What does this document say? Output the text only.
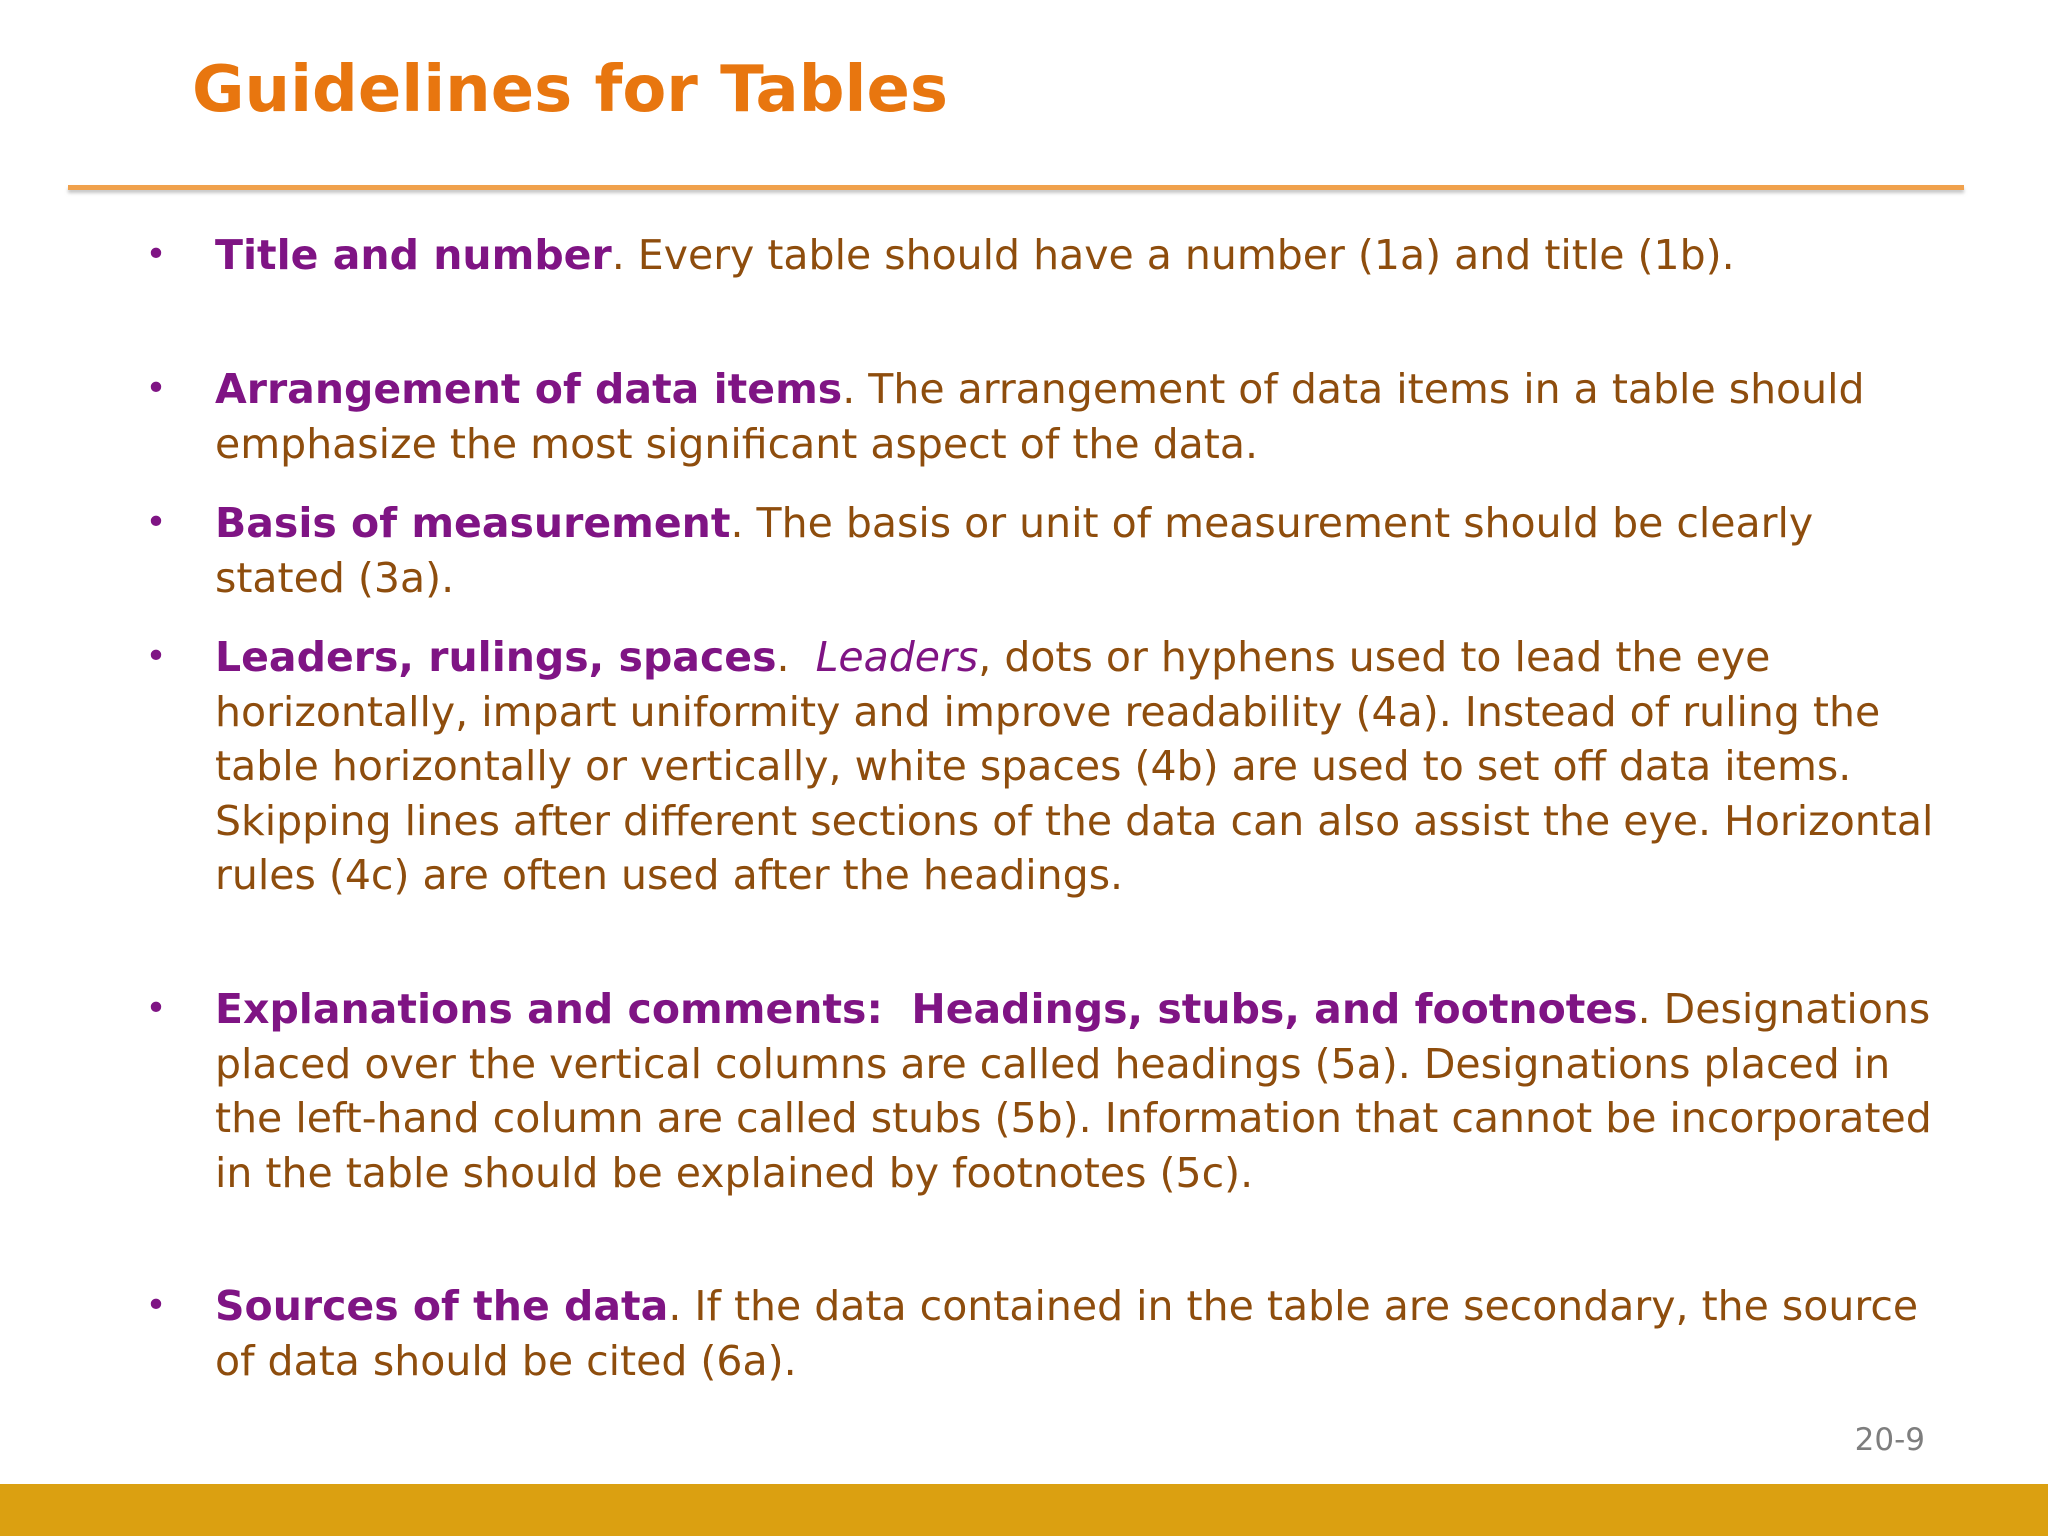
Guidelines for Tables
• Title and number. Every table should have a number (1a) and title (1b).
• Arrangement of data items. The arrangement of data items in a table should emphasize the most significant aspect of the data.
• Basis of measurement. The basis or unit of measurement should be clearly stated (3a).
• Leaders, rulings, spaces.  Leaders, dots or hyphens used to lead the eye horizontally, impart uniformity and improve readability (4a). Instead of ruling the table horizontally or vertically, white spaces (4b) are used to set off data items. Skipping lines after different sections of the data can also assist the eye. Horizontal rules (4c) are often used after the headings.
• Explanations and comments:  Headings, stubs, and footnotes. Designations placed over the vertical columns are called headings (5a). Designations placed in the left-hand column are called stubs (5b). Information that cannot be incorporated in the table should be explained by footnotes (5c).
• Sources of the data. If the data contained in the table are secondary, the source of data should be cited (6a).
20-9
